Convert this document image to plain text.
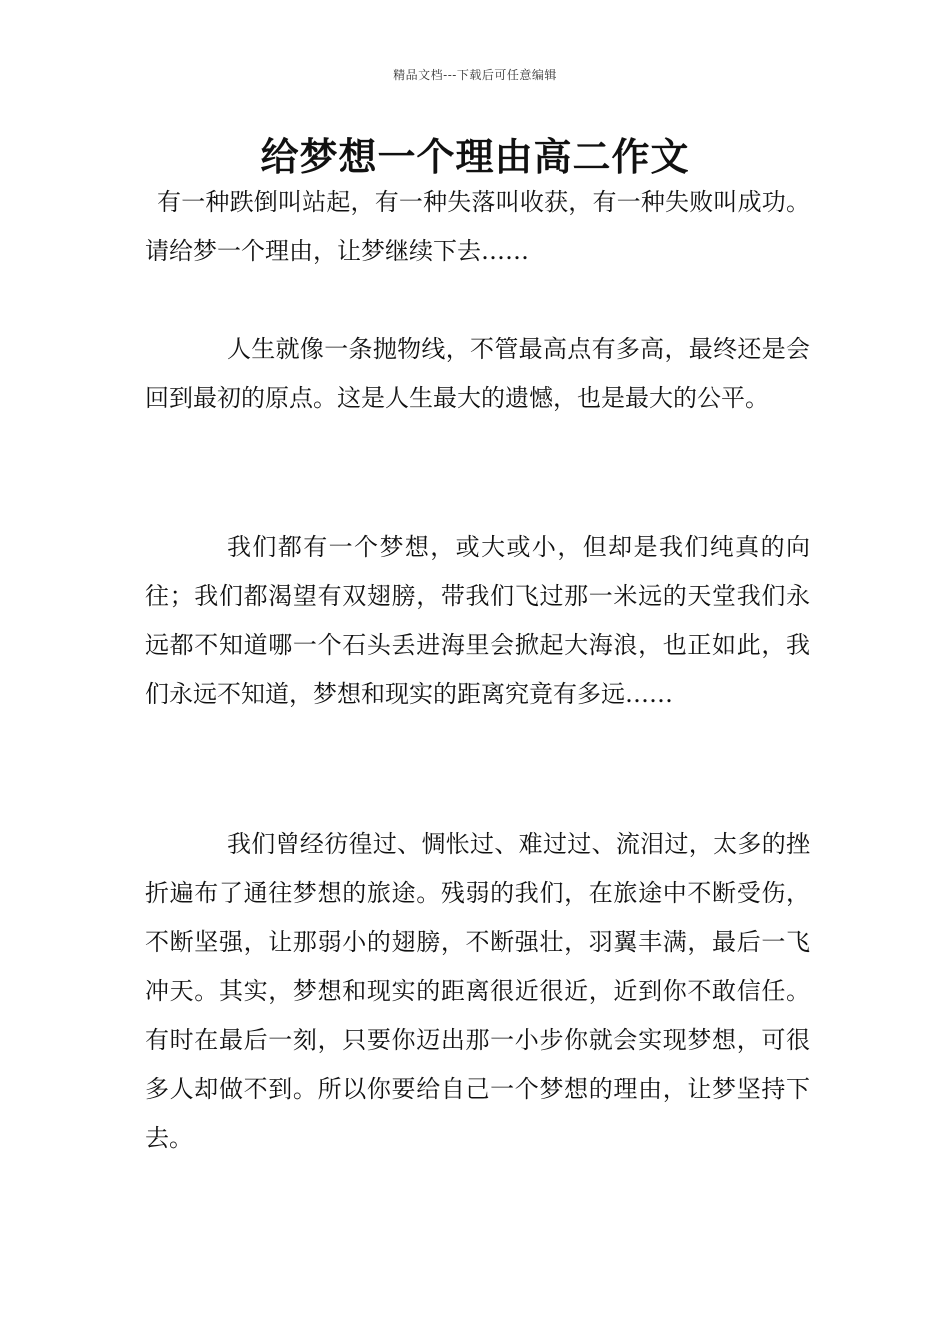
精品文档---下载后可任意编辑
给梦想一个理由高二作文

有一种跌倒叫站起，有一种失落叫收获，有一种失败叫成功。请给梦一个理由，让梦继续下去……

人生就像一条抛物线，不管最高点有多高，最终还是会回到最初的原点。这是人生最大的遗憾，也是最大的公平。

我们都有一个梦想，或大或小，但却是我们纯真的向往；我们都渴望有双翅膀，带我们飞过那一米远的天堂我们永远都不知道哪一个石头丢进海里会掀起大海浪，也正如此，我们永远不知道，梦想和现实的距离究竟有多远……

我们曾经彷徨过、惆怅过、难过过、流泪过，太多的挫折遍布了通往梦想的旅途。残弱的我们，在旅途中不断受伤，不断坚强，让那弱小的翅膀，不断强壮，羽翼丰满，最后一飞冲天。其实，梦想和现实的距离很近很近，近到你不敢信任。有时在最后一刻，只要你迈出那一小步你就会实现梦想，可很多人却做不到。所以你要给自己一个梦想的理由，让梦坚持下去。
